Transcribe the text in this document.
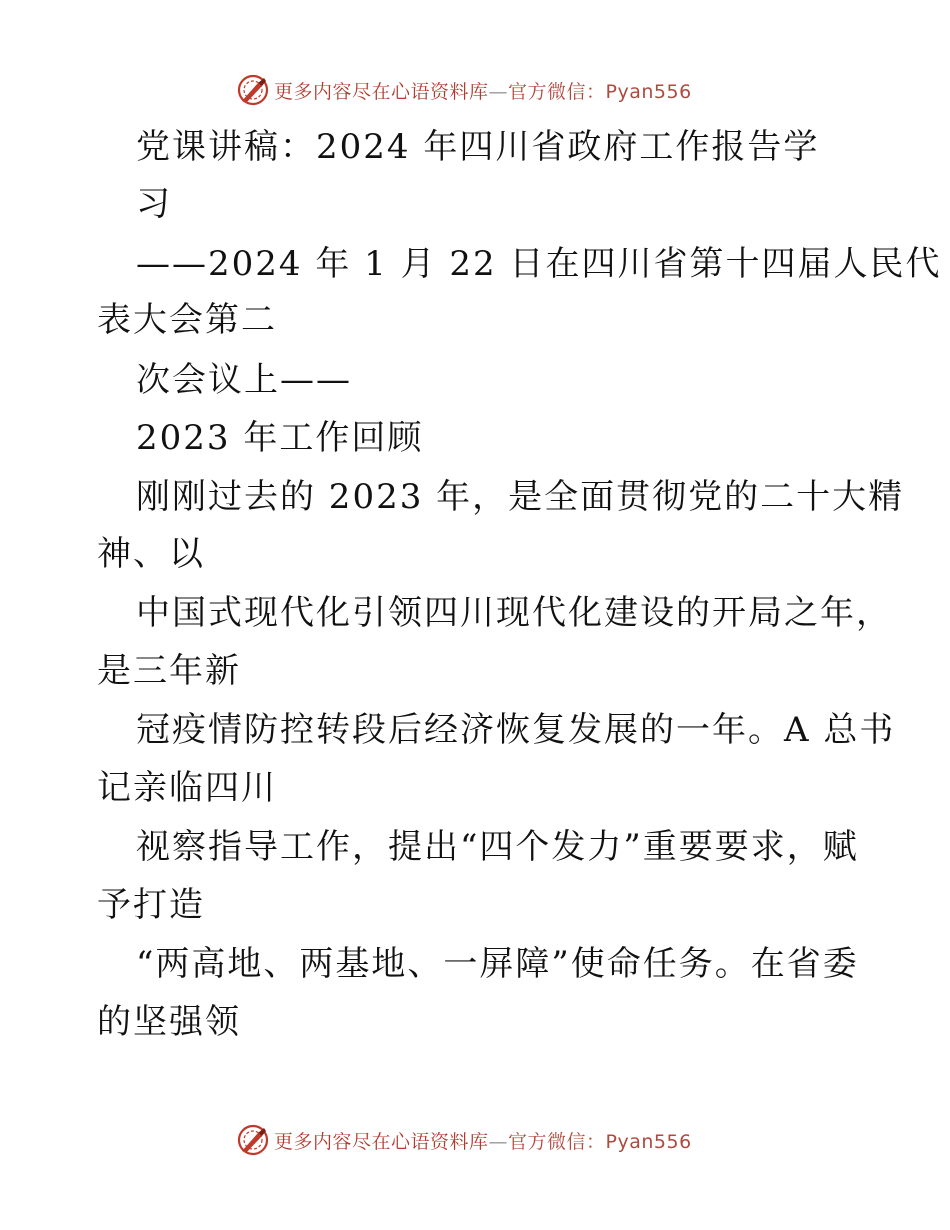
更多内容尽在心语资料库—官方微信：Pyan556
党课讲稿：2024 年四川省政府工作报告学
习
——2024 年 1 月 22 日在四川省第十四届人民代
表大会第二
次会议上——
2023 年工作回顾
刚刚过去的 2023 年，是全面贯彻党的二十大精
神、以
中国式现代化引领四川现代化建设的开局之年，
是三年新
冠疫情防控转段后经济恢复发展的一年。A 总书
记亲临四川
视察指导工作，提出“四个发力”重要要求，赋
予打造
“两高地、两基地、一屏障”使命任务。在省委
的坚强领
更多内容尽在心语资料库—官方微信：Pyan556
